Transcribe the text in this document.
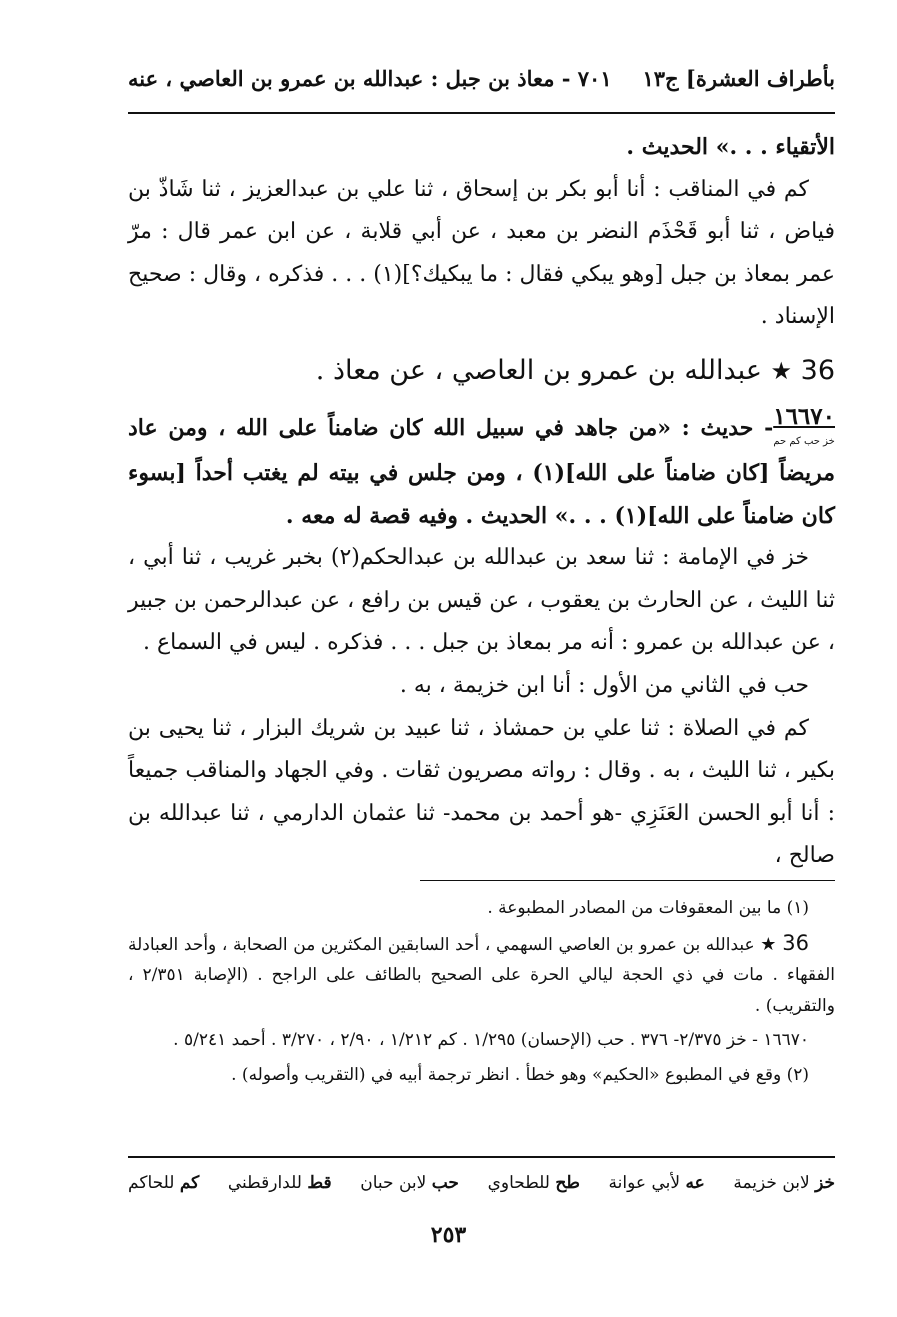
بأطراف العشرة] ج١٣
٧٠١ - معاذ بن جبل : عبدالله بن عمرو بن العاصي ، عنه

الأتقياء . . .» الحديث .

كم في المناقب : أنا أبو بكر بن إسحاق ، ثنا علي بن عبدالعزيز ، ثنا شَاذّ بن فياض ، ثنا أبو قَحْذَم النضر بن معبد ، عن أبي قلابة ، عن ابن عمر قال : مرّ عمر بمعاذ بن جبل [وهو يبكي فقال : ما يبكيك؟](١) . . . فذكره ، وقال : صحيح الإسناد .

36 ★ عبدالله بن عمرو بن العاصي ، عن معاذ .

١٦٦٧٠
خز حب كم حم- حديث : «من جاهد في سبيل الله كان ضامناً على الله ، ومن عاد مريضاً [كان ضامناً على الله](١) ، ومن جلس في بيته لم يغتب أحداً [بسوء كان ضامناً على الله](١) . . .» الحديث . وفيه قصة له معه .

خز في الإمامة : ثنا سعد بن عبدالله بن عبدالحكم(٢) بخبر غريب ، ثنا أبي ، ثنا الليث ، عن الحارث بن يعقوب ، عن قيس بن رافع ، عن عبدالرحمن بن جبير ، عن عبدالله بن عمرو : أنه مر بمعاذ بن جبل . . . فذكره . ليس في السماع .

حب في الثاني من الأول : أنا ابن خزيمة ، به .

كم في الصلاة : ثنا علي بن حمشاذ ، ثنا عبيد بن شريك البزار ، ثنا يحيى بن بكير ، ثنا الليث ، به . وقال : رواته مصريون ثقات . وفي الجهاد والمناقب جميعاً : أنا أبو الحسن العَنَزِي -هو أحمد بن محمد- ثنا عثمان الدارمي ، ثنا عبدالله بن صالح ،

(١) ما بين المعقوفات من المصادر المطبوعة .

36 ★ عبدالله بن عمرو بن العاصي السهمي ، أحد السابقين المكثرين من الصحابة ، وأحد العبادلة الفقهاء . مات في ذي الحجة ليالي الحرة على الصحيح بالطائف على الراجح . (الإصابة ٢/٣٥١ ، والتقريب) .

١٦٦٧٠ - خز ٢/٣٧٥- ٣٧٦ . حب (الإحسان) ١/٢٩٥ . كم ١/٢١٢ ، ٢/٩٠ ، ٣/٢٧٠ . أحمد ٥/٢٤١ .

(٢) وقع في المطبوع «الحكيم» وهو خطأ . انظر ترجمة أبيه في (التقريب وأصوله) .

خز لابن خزيمة
عه لأبي عوانة
طح للطحاوي
حب لابن حبان
قط للدارقطني
كم للحاكم
٢٥٣
